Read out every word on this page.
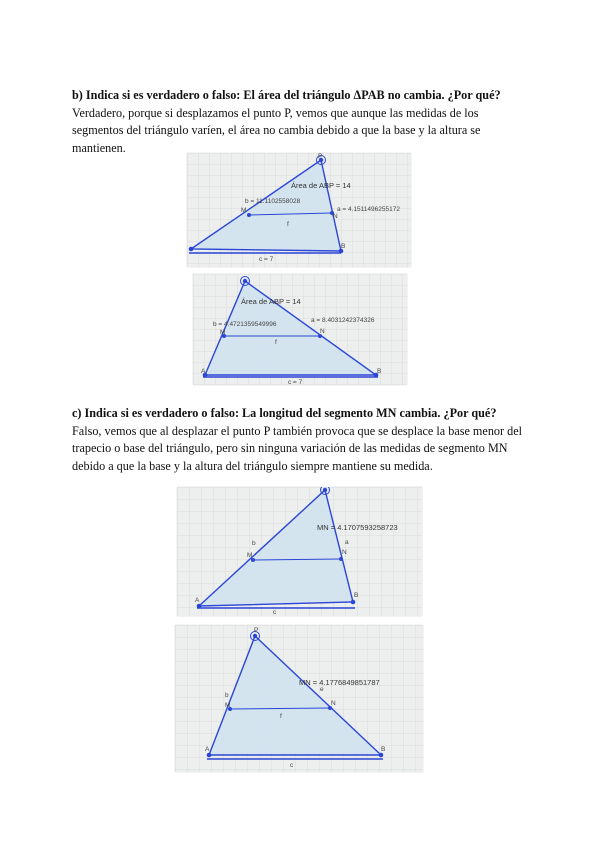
b) Indica si es verdadero o falso: El área del triángulo ΔPAB no cambia. ¿Por qué?
Verdadero, porque si desplazamos el punto P, vemos que aunque las medidas de los segmentos del triángulo varíen, el área no cambia debido a que la base y la altura se mantienen.
Área de ABP = 14
b = 11.1102558028
a = 4.1511496255172
P
B
M
N
f
c = 7
Área de ABP = 14
b = 4.4721359549996
a = 8.4031242374326
M	N
f
A	B
c = 7
c) Indica si es verdadero o falso: La longitud del segmento MN cambia. ¿Por qué?
Falso, vemos que al desplazar el punto P también provoca que se desplace la base menor del trapecio o base del triángulo, pero sin ninguna variación de las medidas de segmento MN debido a que la base y la altura del triángulo siempre mantiene su medida.
MN = 4.1707593258723
M	N
b	a
A
B
c
MN = 4.1776849851787
P
b
e
M	N
f
A	B
c
